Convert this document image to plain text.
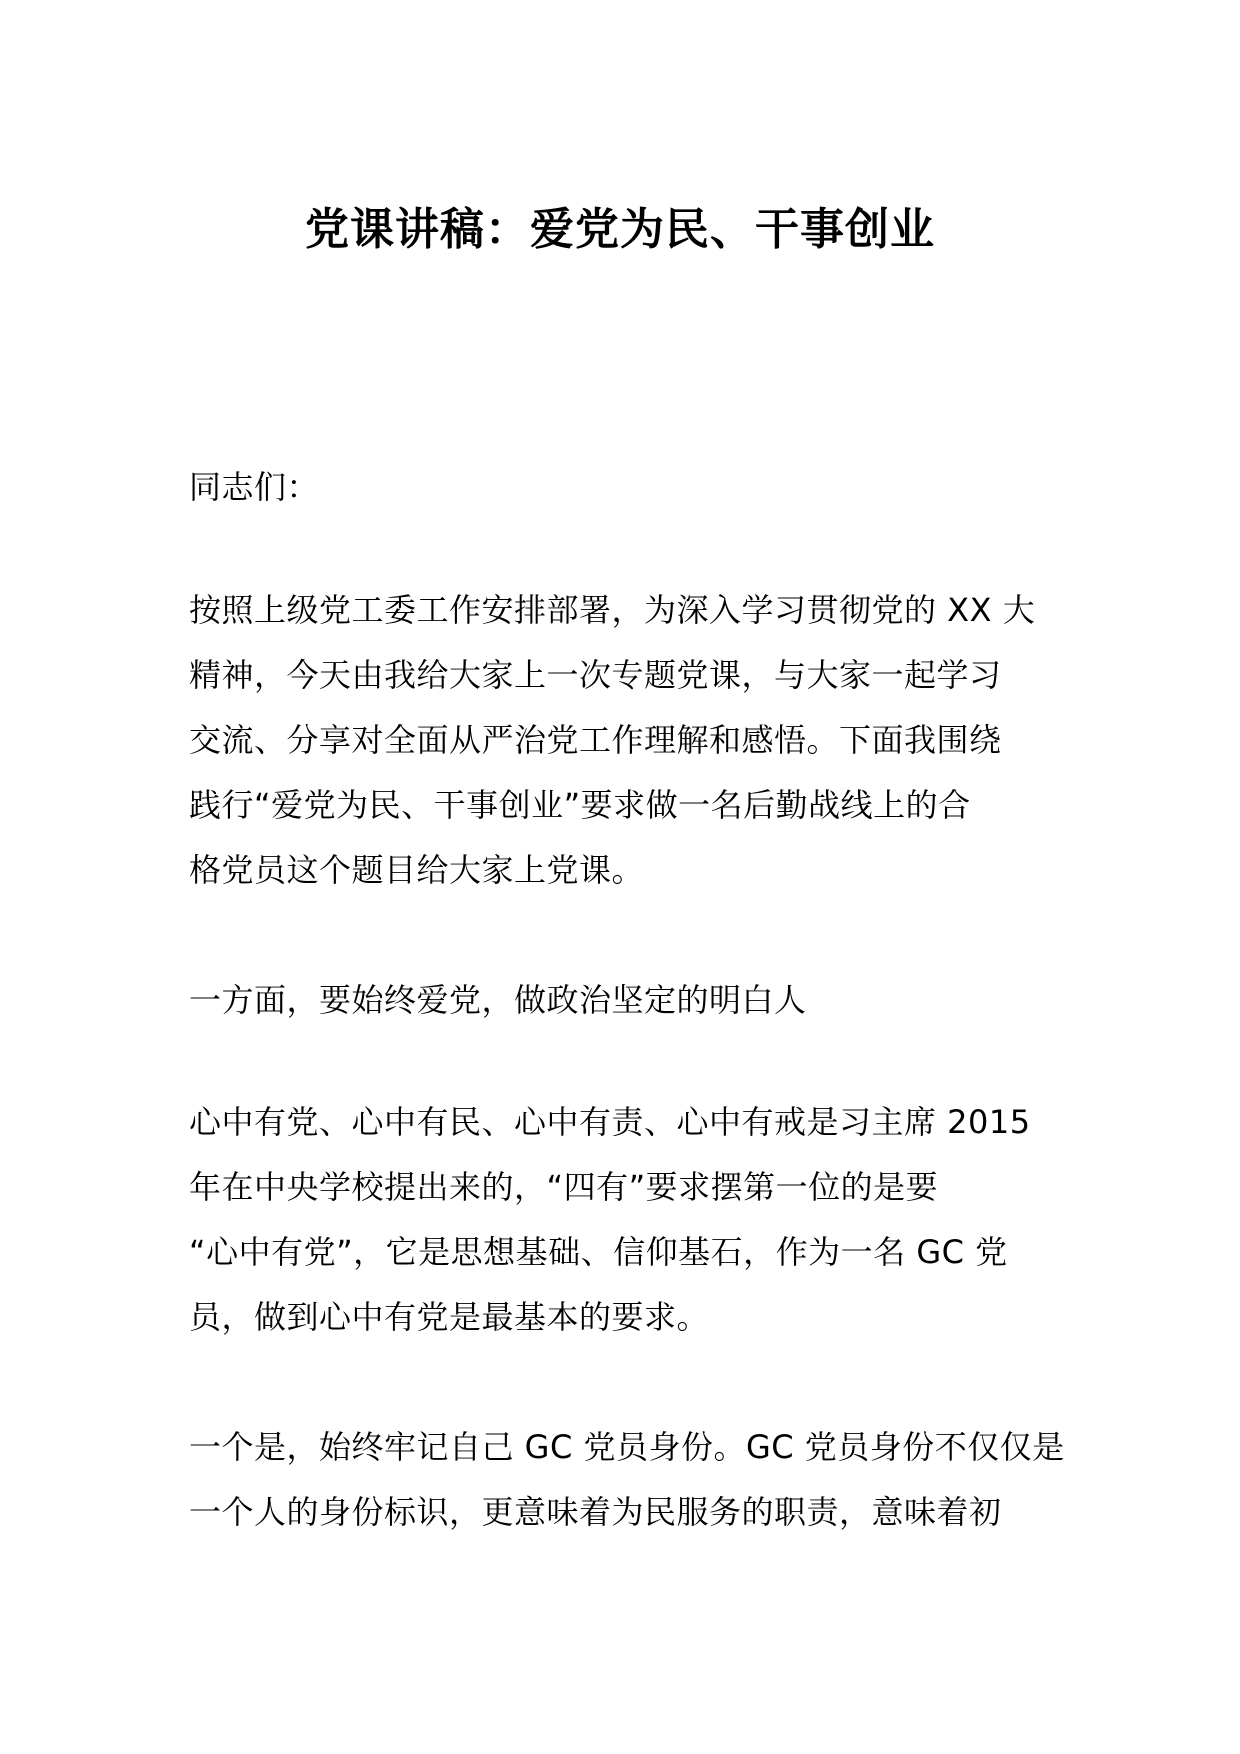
党课讲稿：爱党为民、干事创业
同志们：
按照上级党工委工作安排部署，为深入学习贯彻党的 XX 大
精神，今天由我给大家上一次专题党课，与大家一起学习
交流、分享对全面从严治党工作理解和感悟。下面我围绕
践行“爱党为民、干事创业”要求做一名后勤战线上的合
格党员这个题目给大家上党课。
一方面，要始终爱党，做政治坚定的明白人
心中有党、心中有民、心中有责、心中有戒是习主席 2015
年在中央学校提出来的，“四有”要求摆第一位的是要
“心中有党”，它是思想基础、信仰基石，作为一名 GC 党
员，做到心中有党是最基本的要求。
一个是，始终牢记自己 GC 党员身份。GC 党员身份不仅仅是
一个人的身份标识，更意味着为民服务的职责，意味着初
